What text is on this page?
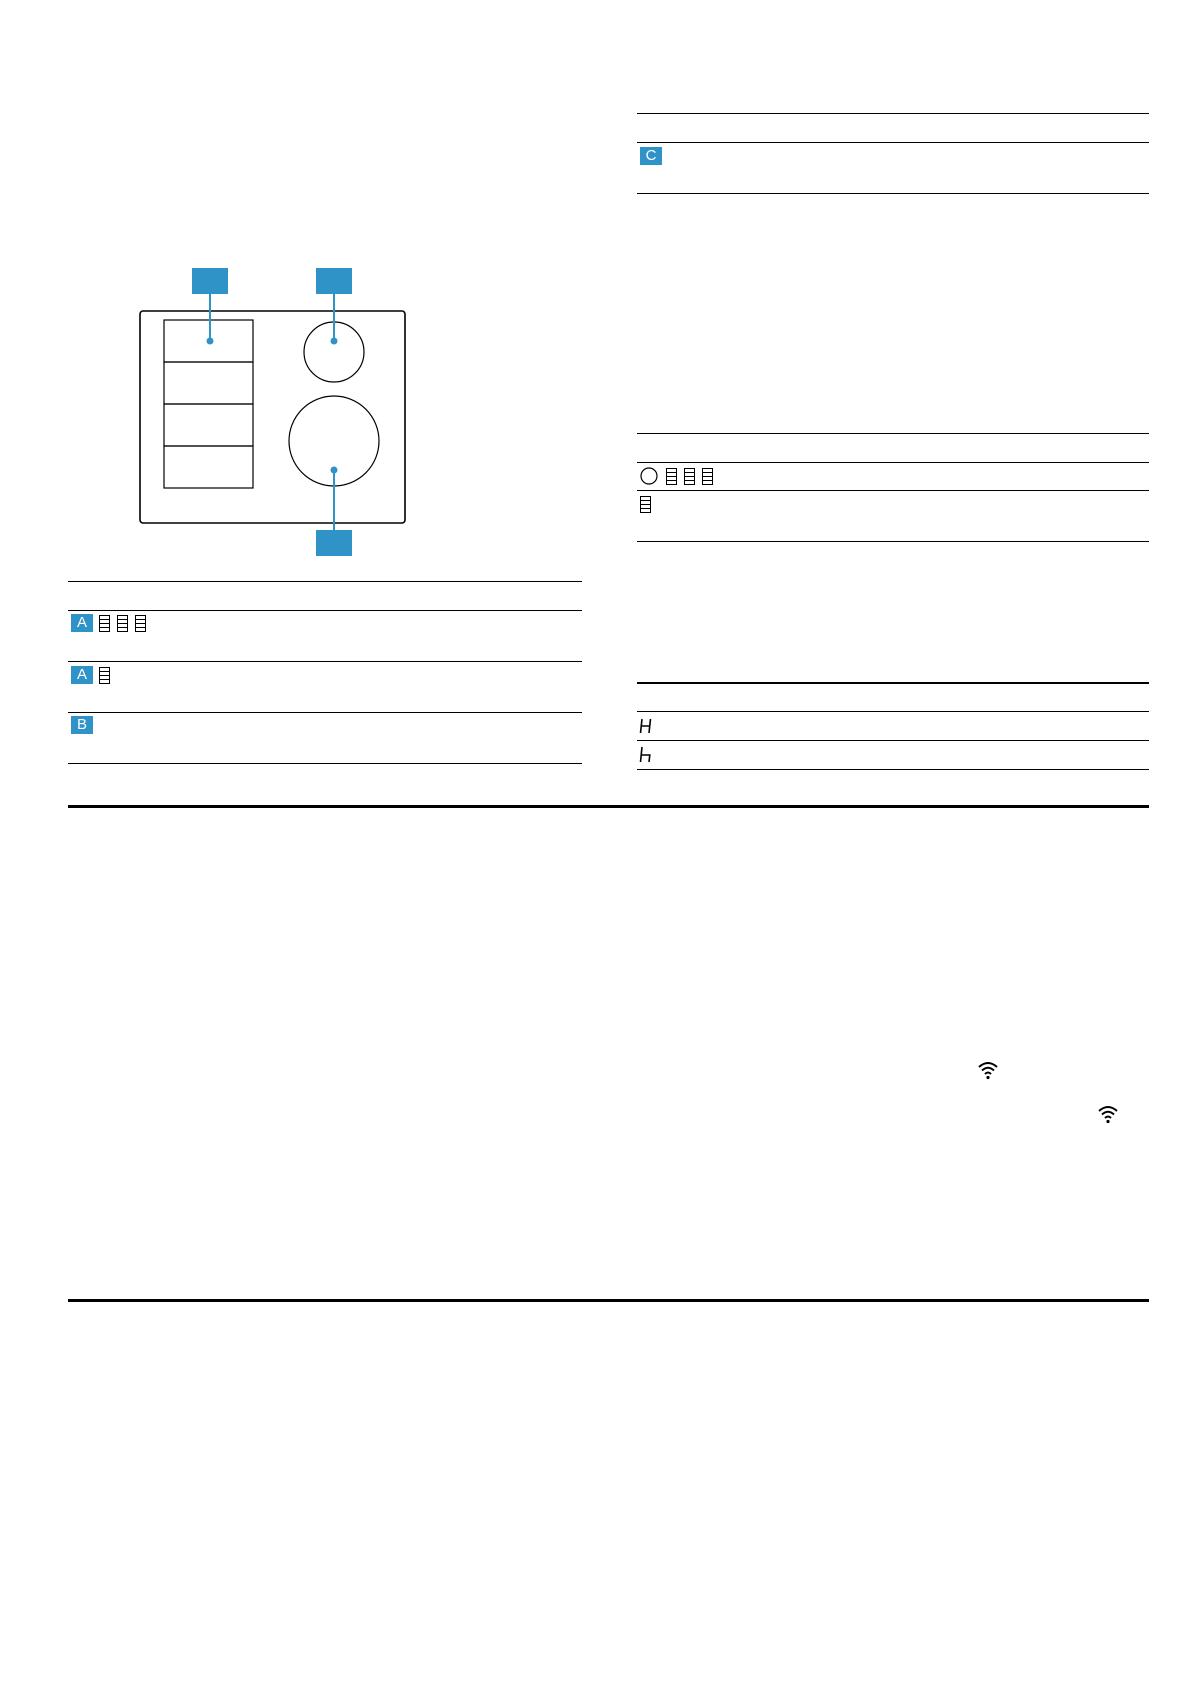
A
A
B
C
